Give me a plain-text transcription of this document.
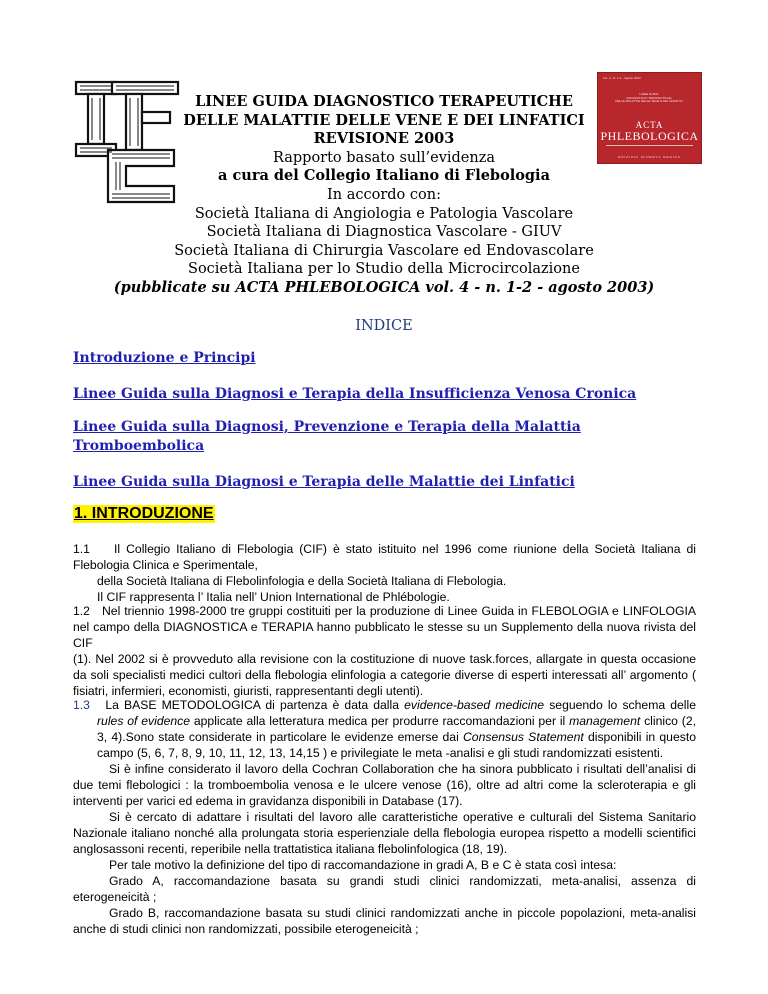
Vol. 4 - N. 1-2 - Agosto 2003
LINEE GUIDA
DIAGNOSTICO TERAPEUTICHE
DELLE MALATTIE DELLE VENE E DEI LINFATICI
ACTA
PHLEBOLOGICA
EDIZIONI MINERVA MEDICA
LINEE GUIDA DIAGNOSTICO TERAPEUTICHE
DELLE MALATTIE DELLE VENE E DEI LINFATICI
REVISIONE 2003
Rapporto basato sull’evidenza
a cura del Collegio Italiano di Flebologia
In accordo con:
Società Italiana di Angiologia e Patologia Vascolare
Società Italiana di Diagnostica Vascolare - GIUV
Società Italiana di Chirurgia Vascolare ed Endovascolare
Società Italiana per lo Studio della Microcircolazione
(pubblicate su ACTA PHLEBOLOGICA vol. 4 - n. 1-2 - agosto 2003)
INDICE
Introduzione e Principi
Linee Guida sulla Diagnosi e Terapia della Insufficienza Venosa Cronica
Linee Guida sulla Diagnosi, Prevenzione e Terapia della Malattia Tromboembolica
Linee Guida sulla Diagnosi e Terapia delle Malattie dei Linfatici
1. INTRODUZIONE

1.1 Il Collegio Italiano di Flebologia (CIF) è stato istituito nel 1996 come riunione della Società Italiana di Flebologia Clinica e Sperimentale,

della Società Italiana di Flebolinfologia e della Società Italiana di Flebologia.

Il CIF rappresenta l’ Italia nell’ Union International de Phlébologie.

1.2 Nel triennio 1998-2000 tre gruppi costituiti per la produzione di Linee Guida in FLEBOLOGIA e LINFOLOGIA nel campo della DIAGNOSTICA e TERAPIA hanno pubblicato le stesse su un Supplemento della nuova rivista del CIF

(1). Nel 2002 si è provveduto alla revisione con la costituzione di nuove task.forces, allargate in questa occasione da soli specialisti medici cultori della flebologia elinfologia a categorie diverse di esperti interessati all’ argomento ( fisiatri, infermieri, economisti, giuristi, rappresentanti degli utenti).

1.3 La BASE METODOLOGICA di partenza è data dalla evidence-based medicine seguendo lo schema delle rules of evidence applicate alla letteratura medica per produrre raccomandazioni per il management clinico (2, 3, 4).Sono state considerate in particolare le evidenze emerse dai Consensus Statement disponibili in questo campo (5, 6, 7, 8, 9, 10, 11, 12, 13, 14,15 ) e privilegiate le meta -analisi e gli studi randomizzati esistenti.

Si è infine considerato il lavoro della Cochran Collaboration che ha sinora pubblicato i risultati dell’analisi di due temi flebologici : la tromboembolia venosa e le ulcere venose (16), oltre ad altri come la scleroterapia e gli interventi per varici ed edema in gravidanza disponibili in Database (17).

Si è cercato di adattare i risultati del lavoro alle caratteristiche operative e culturali del Sistema Sanitario Nazionale italiano nonché alla prolungata storia esperienziale della flebologia europea rispetto a modelli scientifici anglosassoni recenti, reperibile nella trattatistica italiana flebolinfologica (18, 19).

Per tale motivo la definizione del tipo di raccomandazione in gradi A, B e C è stata così intesa:

Grado A, raccomandazione basata su grandi studi clinici randomizzati, meta-analisi, assenza di eterogeneicità ;

Grado B, raccomandazione basata su studi clinici randomizzati anche in piccole popolazioni, meta-analisi anche di studi clinici non randomizzati, possibile eterogeneicità ;
